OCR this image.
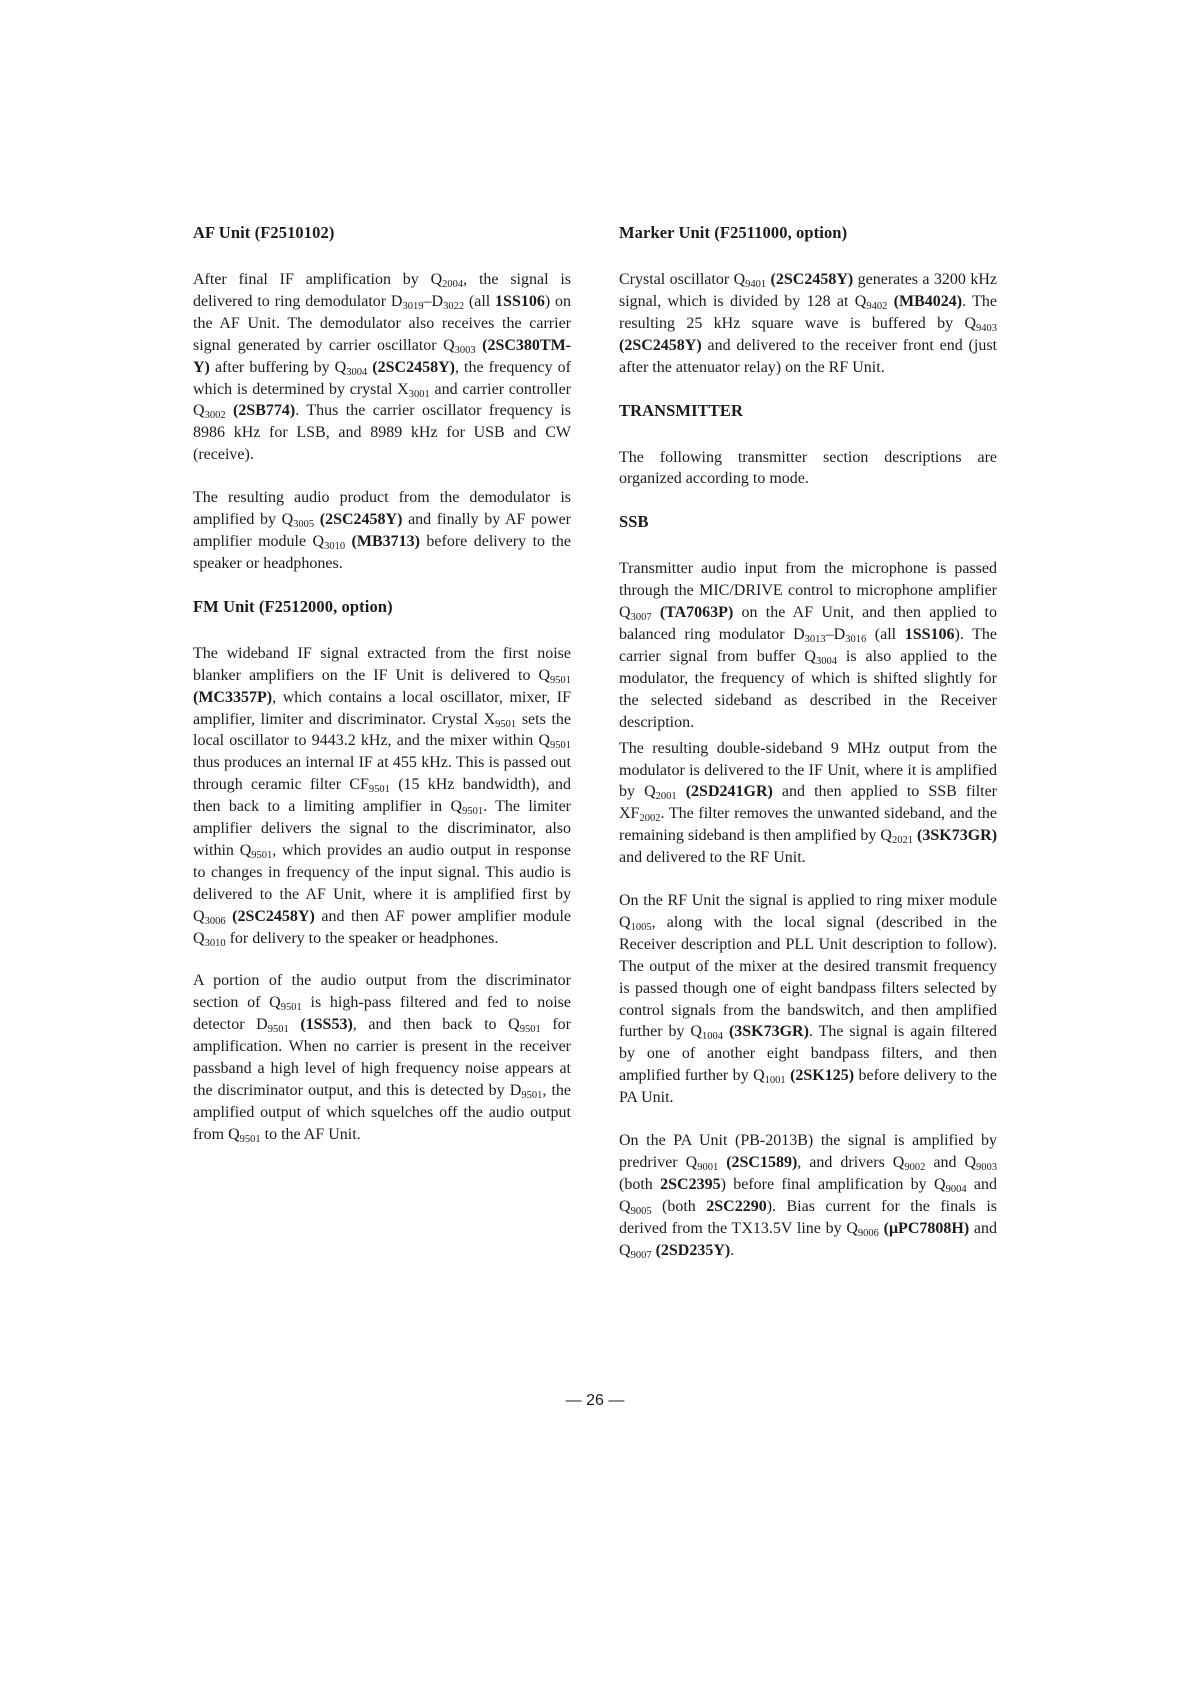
AF Unit (F2510102)

After final IF amplification by $Q_{2004}$, the signal is delivered to ring demodulator $D_{3019}-D_{3022}$ (all 1SS106) on the AF Unit. The demodulator also receives the carrier signal generated by carrier oscillator $Q_{3003}$ (2SC380TM-Y) after buffering by $Q_{3004}$ (2SC2458Y), the frequency of which is determined by crystal $X_{3001}$ and carrier controller $Q_{3002}$ (2SB774). Thus the carrier oscillator frequency is 8986 kHz for LSB, and 8989 kHz for USB and CW (receive).

The resulting audio product from the demodulator is amplified by $Q_{3005}$ (2SC2458Y) and finally by AF power amplifier module $Q_{3010}$ (MB3713) before delivery to the speaker or headphones.

FM Unit (F2512000, option)

The wideband IF signal extracted from the first noise blanker amplifiers on the IF Unit is delivered to $Q_{9501}$ (MC3357P), which contains a local oscillator, mixer, IF amplifier, limiter and discriminator. Crystal $X_{9501}$ sets the local oscillator to 9443.2 kHz, and the mixer within $Q_{9501}$ thus produces an internal IF at 455 kHz. This is passed out through ceramic filter $CF_{9501}$ (15 kHz bandwidth), and then back to a limiting amplifier in $Q_{9501}$. The limiter amplifier delivers the signal to the discriminator, also within $Q_{9501}$, which provides an audio output in response to changes in frequency of the input signal. This audio is delivered to the AF Unit, where it is amplified first by $Q_{3006}$ (2SC2458Y) and then AF power amplifier module $Q_{3010}$ for delivery to the speaker or headphones.

A portion of the audio output from the discriminator section of $Q_{9501}$ is high-pass filtered and fed to noise detector $D_{9501}$ (1SS53), and then back to $Q_{9501}$ for amplification. When no carrier is present in the receiver passband a high level of high frequency noise appears at the discriminator output, and this is detected by $D_{9501}$, the amplified output of which squelches off the audio output from $Q_{9501}$ to the AF Unit.

Marker Unit (F2511000, option)

Crystal oscillator $Q_{9401}$ (2SC2458Y) generates a 3200 kHz signal, which is divided by 128 at $Q_{9402}$ (MB4024). The resulting 25 kHz square wave is buffered by $Q_{9403}$ (2SC2458Y) and delivered to the receiver front end (just after the attenuator relay) on the RF Unit.

TRANSMITTER

The following transmitter section descriptions are organized according to mode.

SSB

Transmitter audio input from the microphone is passed through the MIC/DRIVE control to microphone amplifier $Q_{3007}$ (TA7063P) on the AF Unit, and then applied to balanced ring modulator $D_{3013}-D_{3016}$ (all 1SS106). The carrier signal from buffer $Q_{3004}$ is also applied to the modulator, the frequency of which is shifted slightly for the selected sideband as described in the Receiver description.

The resulting double-sideband 9 MHz output from the modulator is delivered to the IF Unit, where it is amplified by $Q_{2001}$ (2SD241GR) and then applied to SSB filter $XF_{2002}$. The filter removes the unwanted sideband, and the remaining sideband is then amplified by $Q_{2021}$ (3SK73GR) and delivered to the RF Unit.

On the RF Unit the signal is applied to ring mixer module $Q_{1005}$, along with the local signal (described in the Receiver description and PLL Unit description to follow). The output of the mixer at the desired transmit frequency is passed though one of eight bandpass filters selected by control signals from the bandswitch, and then amplified further by $Q_{1004}$ (3SK73GR). The signal is again filtered by one of another eight bandpass filters, and then amplified further by $Q_{1001}$ (2SK125) before delivery to the PA Unit.

On the PA Unit (PB-2013B) the signal is amplified by predriver $Q_{9001}$ (2SC1589), and drivers $Q_{9002}$ and $Q_{9003}$ (both 2SC2395) before final amplification by $Q_{9004}$ and $Q_{9005}$ (both 2SC2290). Bias current for the finals is derived from the TX13.5V line by $Q_{9006}$ (μPC7808H) and $Q_{9007}$ (2SD235Y).

— 26 —
